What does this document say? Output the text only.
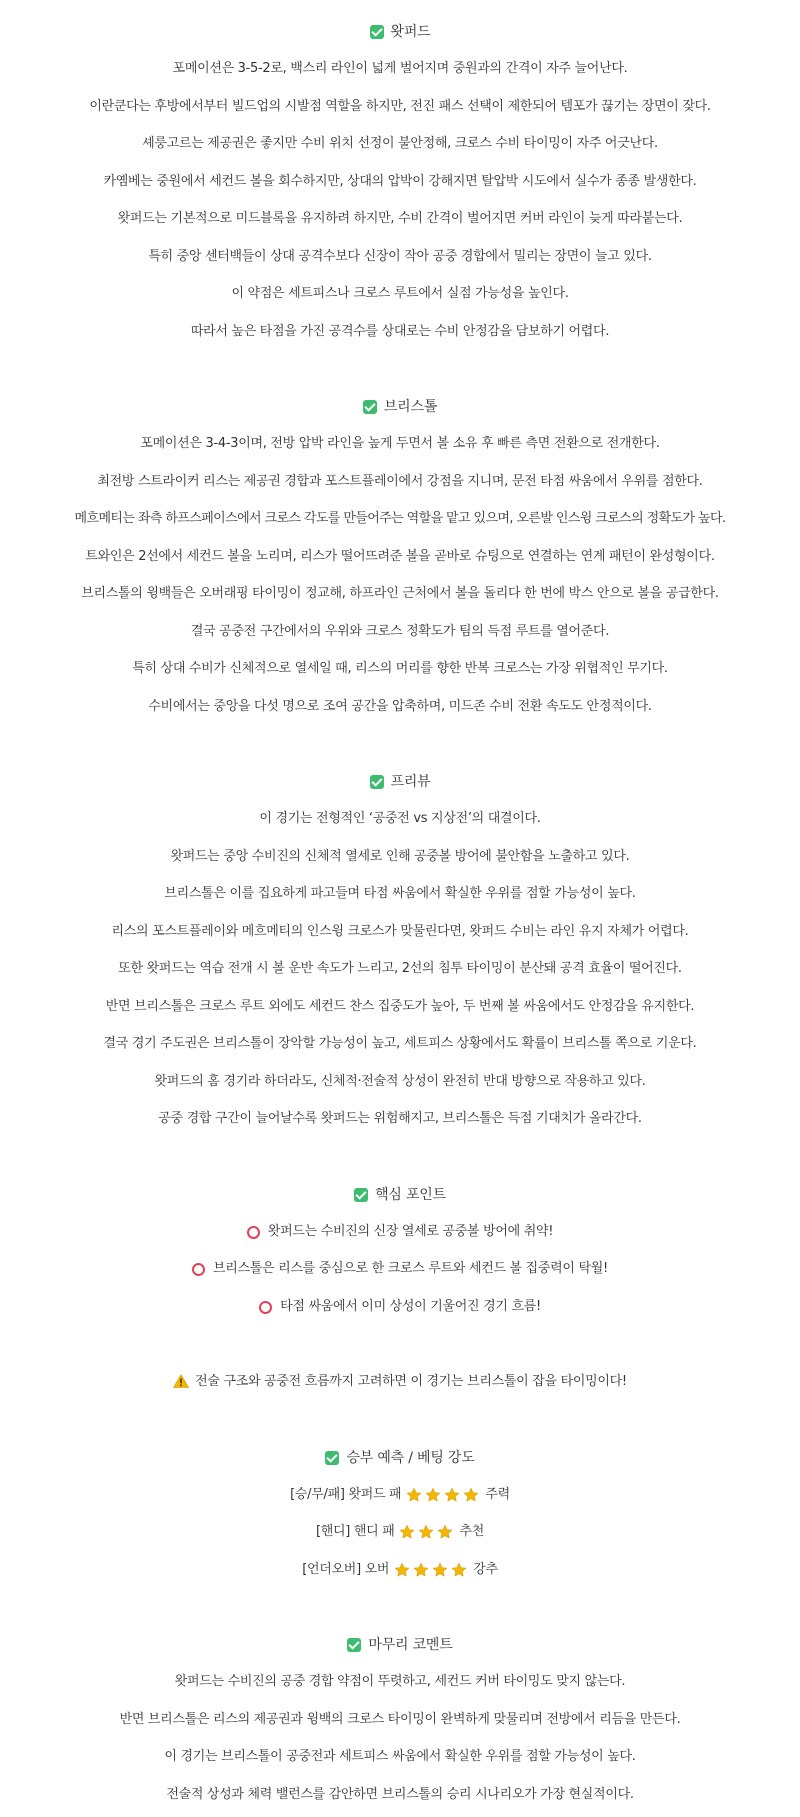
왓퍼드
포메이션은 3-5-2로, 백스리 라인이 넓게 벌어지며 중원과의 간격이 자주 늘어난다.
이란쿤다는 후방에서부터 빌드업의 시발점 역할을 하지만, 전진 패스 선택이 제한되어 템포가 끊기는 장면이 잦다.
셰룽고르는 제공권은 좋지만 수비 위치 선정이 불안정해, 크로스 수비 타이밍이 자주 어긋난다.
카옘베는 중원에서 세컨드 볼을 회수하지만, 상대의 압박이 강해지면 탈압박 시도에서 실수가 종종 발생한다.
왓퍼드는 기본적으로 미드블록을 유지하려 하지만, 수비 간격이 벌어지면 커버 라인이 늦게 따라붙는다.
특히 중앙 센터백들이 상대 공격수보다 신장이 작아 공중 경합에서 밀리는 장면이 늘고 있다.
이 약점은 세트피스나 크로스 루트에서 실점 가능성을 높인다.
따라서 높은 타점을 가진 공격수를 상대로는 수비 안정감을 담보하기 어렵다.
브리스톨
포메이션은 3-4-3이며, 전방 압박 라인을 높게 두면서 볼 소유 후 빠른 측면 전환으로 전개한다.
최전방 스트라이커 리스는 제공권 경합과 포스트플레이에서 강점을 지니며, 문전 타점 싸움에서 우위를 점한다.
메흐메티는 좌측 하프스페이스에서 크로스 각도를 만들어주는 역할을 맡고 있으며, 오른발 인스윙 크로스의 정확도가 높다.
트와인은 2선에서 세컨드 볼을 노리며, 리스가 떨어뜨려준 볼을 곧바로 슈팅으로 연결하는 연계 패턴이 완성형이다.
브리스톨의 윙백들은 오버래핑 타이밍이 정교해, 하프라인 근처에서 볼을 돌리다 한 번에 박스 안으로 볼을 공급한다.
결국 공중전 구간에서의 우위와 크로스 정확도가 팀의 득점 루트를 열어준다.
특히 상대 수비가 신체적으로 열세일 때, 리스의 머리를 향한 반복 크로스는 가장 위협적인 무기다.
수비에서는 중앙을 다섯 명으로 조여 공간을 압축하며, 미드존 수비 전환 속도도 안정적이다.
프리뷰
이 경기는 전형적인 ‘공중전 vs 지상전’의 대결이다.
왓퍼드는 중앙 수비진의 신체적 열세로 인해 공중볼 방어에 불안함을 노출하고 있다.
브리스톨은 이를 집요하게 파고들며 타점 싸움에서 확실한 우위를 점할 가능성이 높다.
리스의 포스트플레이와 메흐메티의 인스윙 크로스가 맞물린다면, 왓퍼드 수비는 라인 유지 자체가 어렵다.
또한 왓퍼드는 역습 전개 시 볼 운반 속도가 느리고, 2선의 침투 타이밍이 분산돼 공격 효율이 떨어진다.
반면 브리스톨은 크로스 루트 외에도 세컨드 찬스 집중도가 높아, 두 번째 볼 싸움에서도 안정감을 유지한다.
결국 경기 주도권은 브리스톨이 장악할 가능성이 높고, 세트피스 상황에서도 확률이 브리스톨 쪽으로 기운다.
왓퍼드의 홈 경기라 하더라도, 신체적·전술적 상성이 완전히 반대 방향으로 작용하고 있다.
공중 경합 구간이 늘어날수록 왓퍼드는 위험해지고, 브리스톨은 득점 기대치가 올라간다.
핵심 포인트
왓퍼드는 수비진의 신장 열세로 공중볼 방어에 취약!
브리스톨은 리스를 중심으로 한 크로스 루트와 세컨드 볼 집중력이 탁월!
타점 싸움에서 이미 상성이 기울어진 경기 흐름!
전술 구조와 공중전 흐름까지 고려하면 이 경기는 브리스톨이 잡을 타이밍이다!
승부 예측 / 베팅 강도
[승/무/패] 왓퍼드 패	주력
[핸디] 핸디 패	추천
[언더오버] 오버	강추
마무리 코멘트
왓퍼드는 수비진의 공중 경합 약점이 뚜렷하고, 세컨드 커버 타이밍도 맞지 않는다.
반면 브리스톨은 리스의 제공권과 윙백의 크로스 타이밍이 완벽하게 맞물리며 전방에서 리듬을 만든다.
이 경기는 브리스톨이 공중전과 세트피스 싸움에서 확실한 우위를 점할 가능성이 높다.
전술적 상성과 체력 밸런스를 감안하면 브리스톨의 승리 시나리오가 가장 현실적이다.
